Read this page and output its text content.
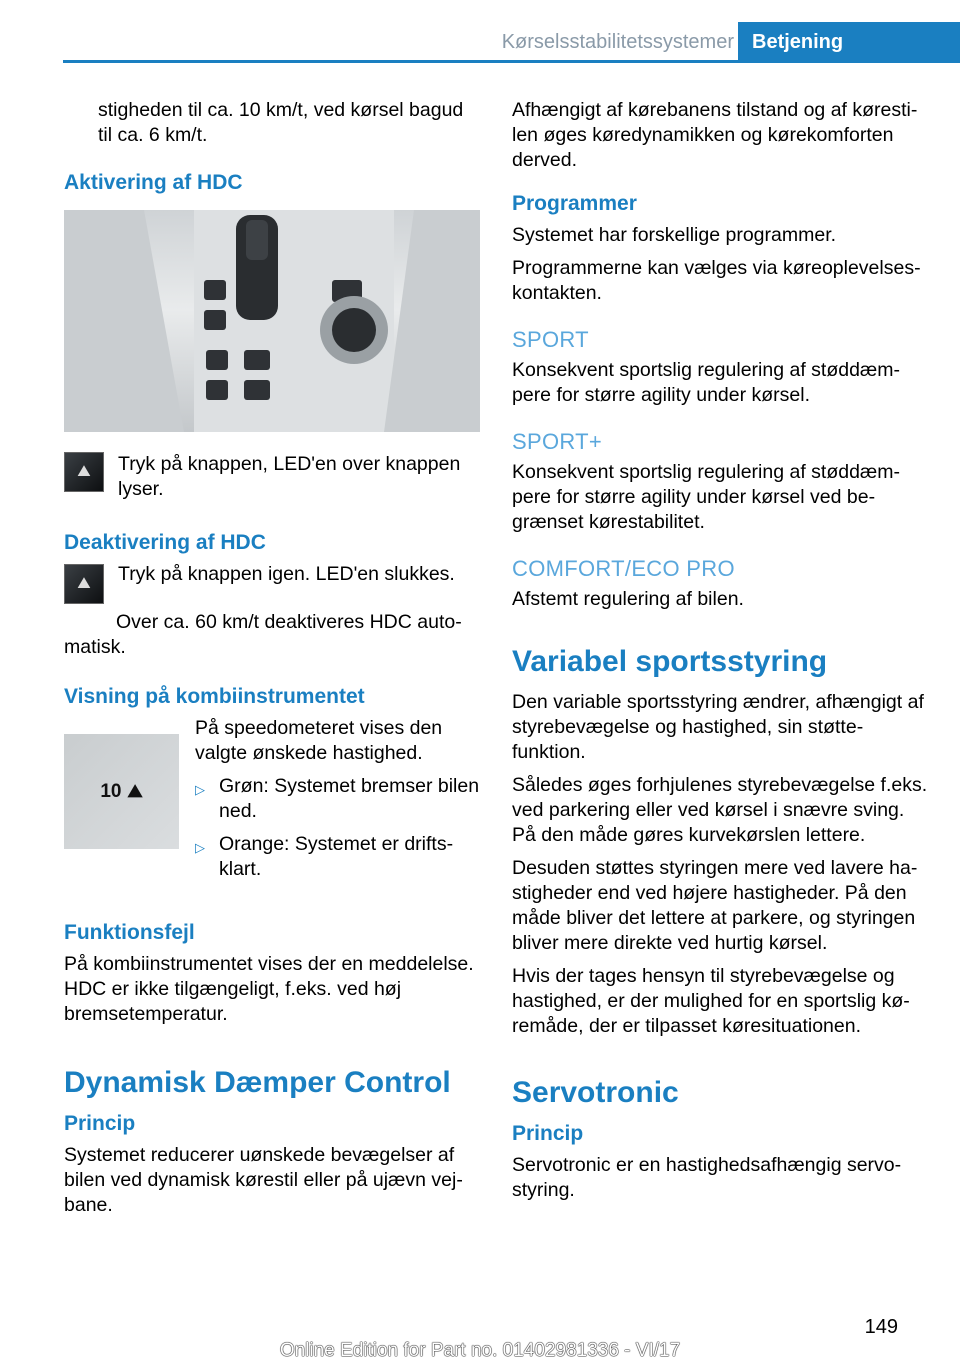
Kørselsstabilitetssystemer Betjening

stigheden til ca. 10 km/t, ved kørsel bagud til ca. 6 km/t.

Aktivering af HDC
⛰	Tryk på knappen, LED'en over knappen lyser.

Deaktivering af HDC
⛰	Tryk på knappen igen. LED'en slukkes.

Over ca. 60 km/t deaktiveres HDC automatisk.

Visning på kombiinstrumentet
10 ⛰

På speedometeret vises den valgte ønskede hastighed.

▷ Grøn: Systemet bremser bilen ned.
▷ Orange: Systemet er driftsklart.
Funktionsfejl

På kombiinstrumentet vises der en meddelelse. HDC er ikke tilgængeligt, f.eks. ved høj bremsetemperatur.

Dynamisk Dæmper Control
Princip

Systemet reducerer uønskede bevægelser af bilen ved dynamisk kørestil eller på ujævn vejbane.

Afhængigt af kørebanens tilstand og af kørestilen øges køredynamikken og kørekomforten derved.

Programmer

Systemet har forskellige programmer.

Programmerne kan vælges via køreoplevelseskontakten.

SPORT

Konsekvent sportslig regulering af støddæmpere for større agility under kørsel.

SPORT+

Konsekvent sportslig regulering af støddæmpere for større agility under kørsel ved begrænset kørestabilitet.

COMFORT/ECO PRO

Afstemt regulering af bilen.

Variabel sportsstyring

Den variable sportsstyring ændrer, afhængigt af styrebevægelse og hastighed, sin støttefunktion.

Således øges forhjulenes styrebevægelse f.eks. ved parkering eller ved kørsel i snævre sving. På den måde gøres kurvekørslen lettere.

Desuden støttes styringen mere ved lavere hastigheder end ved højere hastigheder. På den måde bliver det lettere at parkere, og styringen bliver mere direkte ved hurtig kørsel.

Hvis der tages hensyn til styrebevægelse og hastighed, er der mulighed for en sportslig køremåde, der er tilpasset køresituationen.

Servotronic
Princip

Servotronic er en hastighedsafhængig servostyring.

149
Online Edition for Part no. 01402981336 - VI/17
